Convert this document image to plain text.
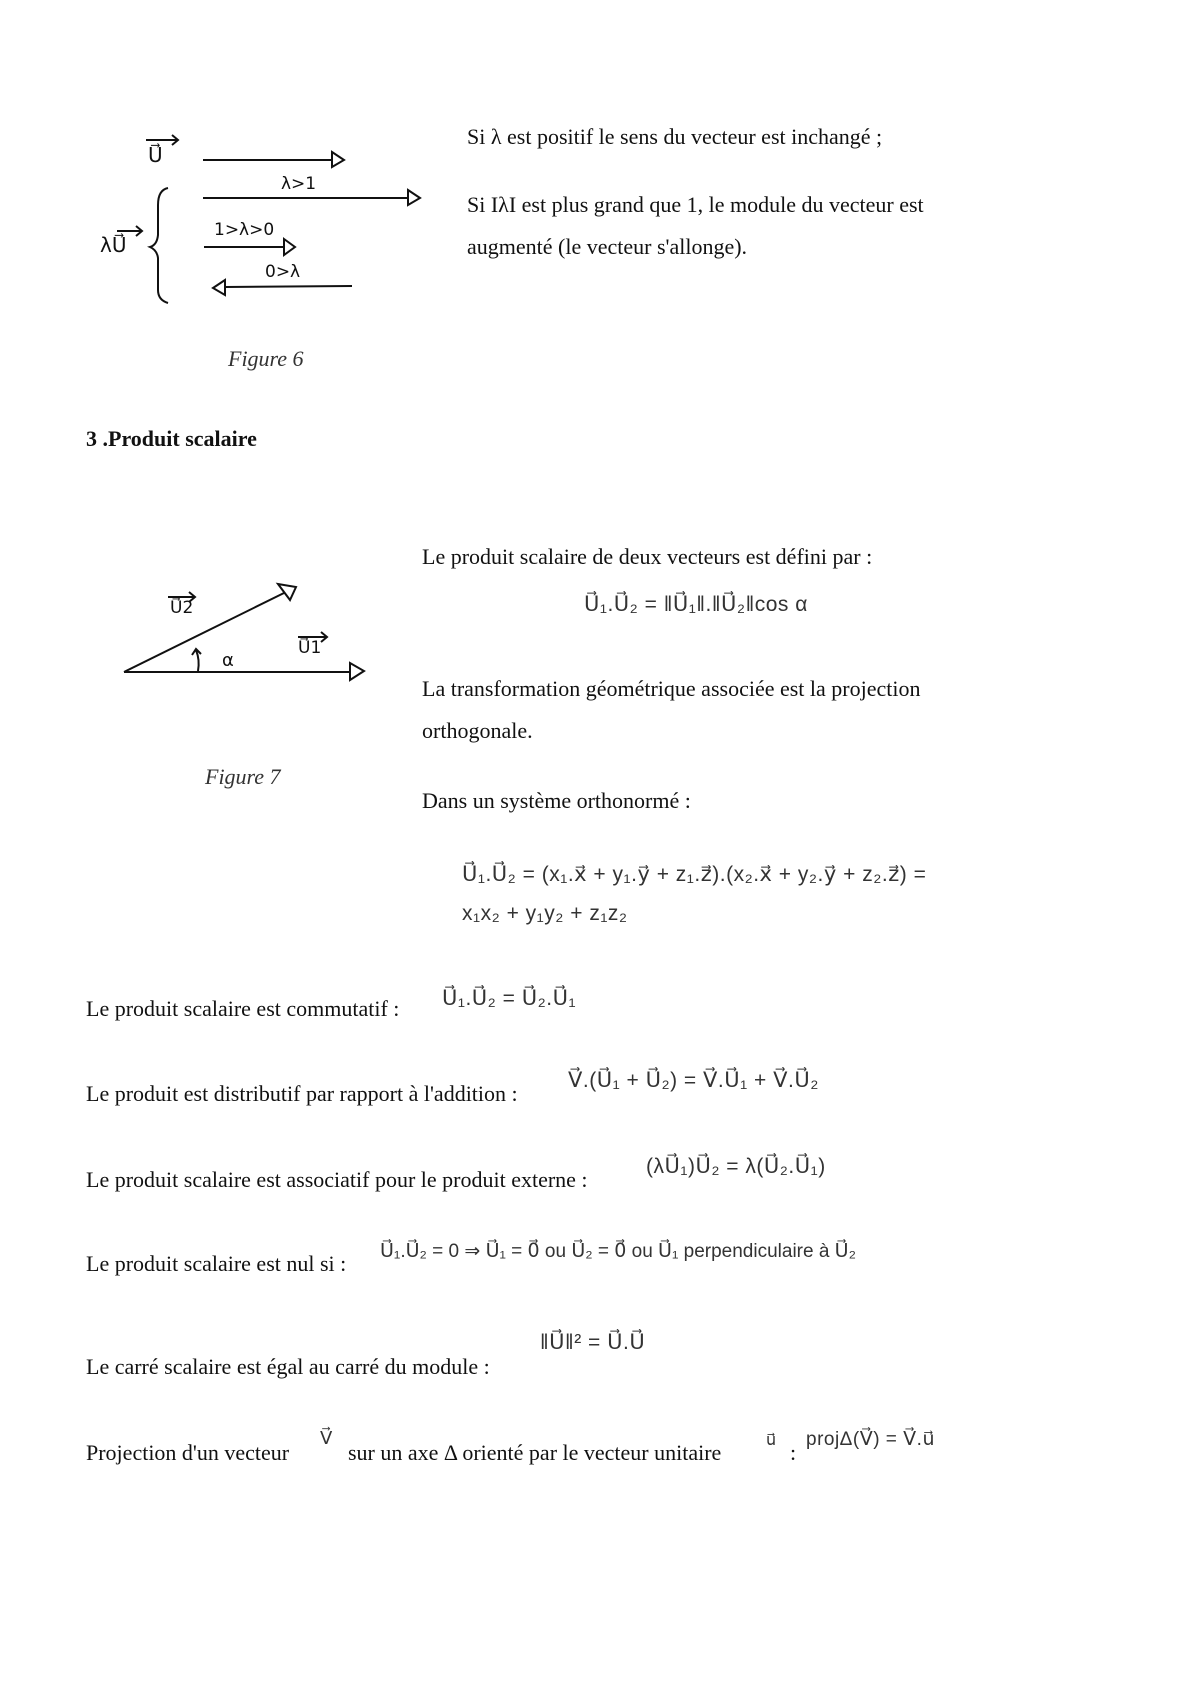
U⃗
λU⃗
λ>1
1>λ>0
0>λ
Figure 6
Si λ est positif le sens du vecteur est inchangé ;
Si IλI est plus grand que 1, le module du vecteur est
augmenté (le vecteur s'allonge).
3 .Produit scalaire
U⃗2
U⃗1
α
Figure 7
Le produit scalaire de deux vecteurs est défini par :
U⃗₁.U⃗₂ = ‖U⃗₁‖.‖U⃗₂‖cos α
La transformation géométrique associée est la projection
orthogonale.
Dans un système orthonormé :
U⃗₁.U⃗₂ = (x₁.x⃗ + y₁.y⃗ + z₁.z⃗).(x₂.x⃗ + y₂.y⃗ + z₂.z⃗) =
x₁x₂ + y₁y₂ + z₁z₂
Le produit scalaire est commutatif : U⃗₁.U⃗₂ = U⃗₂.U⃗₁
Le produit est distributif par rapport à l'addition :
V⃗.(U⃗₁ + U⃗₂) = V⃗.U⃗₁ + V⃗.U⃗₂
Le produit scalaire est associatif pour le produit externe :
(λU⃗₁)U⃗₂ = λ(U⃗₂.U⃗₁)
Le produit scalaire est nul si : U⃗₁.U⃗₂ = 0 ⇒ U⃗₁ = 0⃗ ou U⃗₂ = 0⃗ ou U⃗₁ perpendiculaire à U⃗₂
Le carré scalaire est égal au carré du module :
‖U⃗‖² = U⃗.U⃗
Projection d'un vecteur
V⃗
sur un axe Δ orienté par le vecteur unitaire	u⃗ :
projΔ(V⃗) = V⃗.u⃗
